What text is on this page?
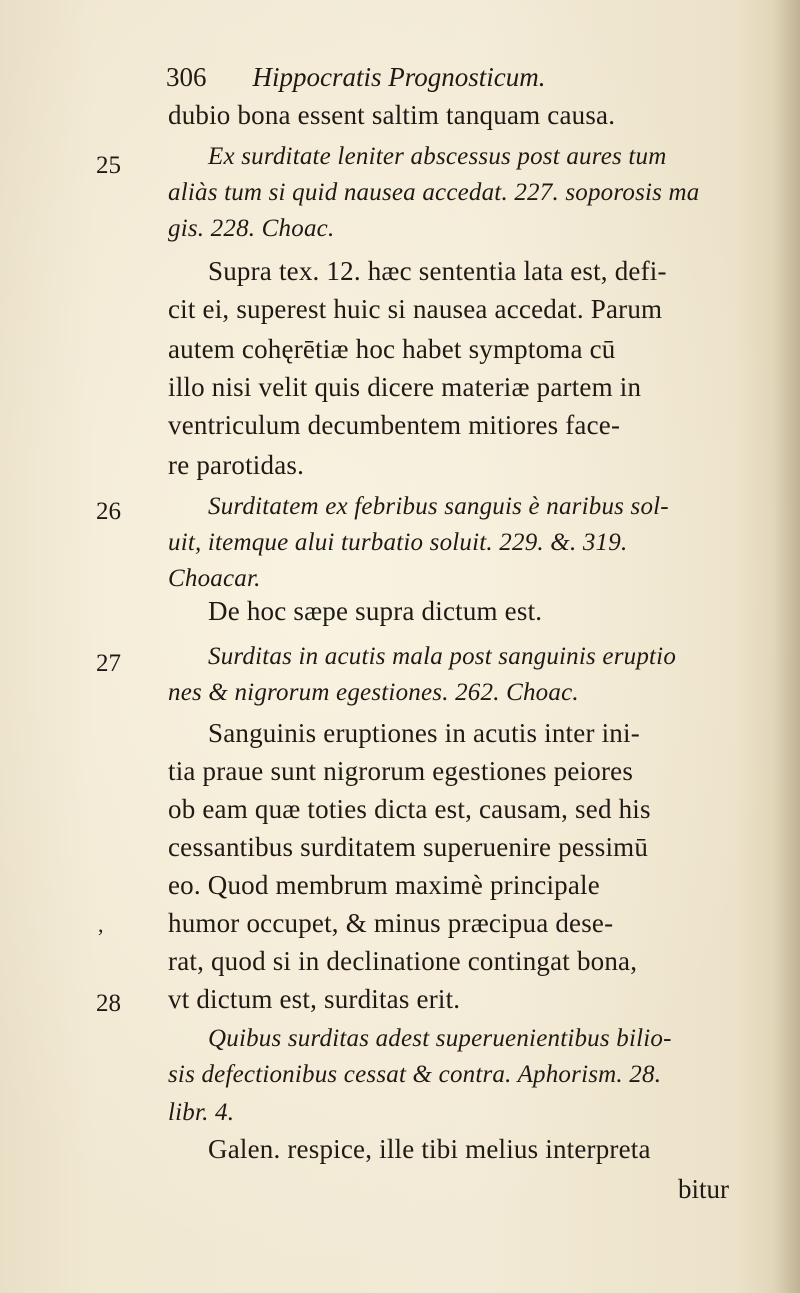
306 Hippocratis Prognosticum.
25
26
27
,
28
dubio bona essent saltim tanquam causa.
Ex surditate leniter abscessus post aures tum
aliàs tum si quid nausea accedat. 227. soporosis ma
gis. 228. Choac.
Supra tex. 12. hæc sententia lata est, defi-
cit ei, superest huic si nausea accedat. Parum
autem cohęrētiæ hoc habet symptoma cū
illo nisi velit quis dicere materiæ partem in
ventriculum decumbentem mitiores face-
re parotidas.
Surditatem ex febribus sanguis è naribus sol-
uit, itemque alui turbatio soluit. 229. &. 319.
Choacar.
De hoc sæpe supra dictum est.
Surditas in acutis mala post sanguinis eruptio
nes & nigrorum egestiones. 262. Choac.
Sanguinis eruptiones in acutis inter ini-
tia praue sunt nigrorum egestiones peiores
ob eam quæ toties dicta est, causam, sed his
cessantibus surditatem superuenire pessimū
eo. Quod membrum maximè principale
humor occupet, & minus præcipua dese-
rat, quod si in declinatione contingat bona,
vt dictum est, surditas erit.
Quibus surditas adest superuenientibus bilio-
sis defectionibus cessat & contra. Aphorism. 28.
libr. 4.
Galen. respice, ille tibi melius interpreta
bitur
